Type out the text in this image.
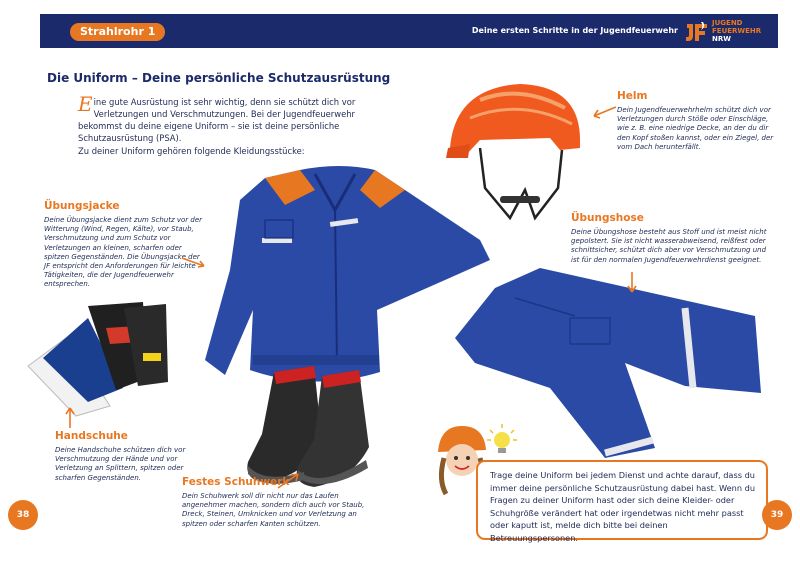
Strahlrohr 1	Deine ersten Schritte in der Jugendfeuerwehr
JUGEND
FEUERWEHR
NRW
Die Uniform – Deine persönliche Schutzausrüstung
Eine gute Ausrüstung ist sehr wichtig, denn sie schützt dich vor Verletzungen und Verschmutzungen. Bei der Jugendfeuerwehr bekommst du deine eigene Uniform – sie ist deine persönliche Schutzausrüstung (PSA).
Zu deiner Uniform gehören folgende Kleidungsstücke:
Übungsjacke
Deine Übungsjacke dient zum Schutz vor der Witterung (Wind, Regen, Kälte), vor Staub, Verschmutzung und zum Schutz vor Verletzungen an kleinen, scharfen oder spitzen Gegenständen. Die Übungsjacke der JF entspricht den Anforderungen für leichte Tätigkeiten, die der Jugendfeuerwehr entsprechen.
Helm
Dein Jugendfeuerwehrhelm schützt dich vor Verletzungen durch Stöße oder Einschläge, wie z. B. eine niedrige Decke, an der du dir den Kopf stoßen kannst, oder ein Ziegel, der vom Dach herunterfällt.
Übungshose
Deine Übungshose besteht aus Stoff und ist meist nicht gepolstert. Sie ist nicht wasserabweisend, reißfest oder schnittsicher, schützt dich aber vor Verschmutzung und ist für den normalen Jugendfeuerwehrdienst geeignet.
Handschuhe
Deine Handschuhe schützen dich vor Verschmutzung der Hände und vor Verletzung an Splittern, spitzen oder scharfen Gegenständen.	Festes Schuhwerk
Dein Schuhwerk soll dir nicht nur das Laufen angenehmer machen, sondern dich auch vor Staub, Dreck, Steinen, Umknicken und vor Verletzung an spitzen oder scharfen Kanten schützen.
Trage deine Uniform bei jedem Dienst und achte darauf, dass du immer deine persönliche Schutzausrüstung dabei hast. Wenn du Fragen zu deiner Uniform hast oder sich deine Kleider- oder Schuhgröße verändert hat oder irgendetwas nicht mehr passt oder kaputt ist, melde dich bitte bei deinen Betreuungspersonen.
38	39
